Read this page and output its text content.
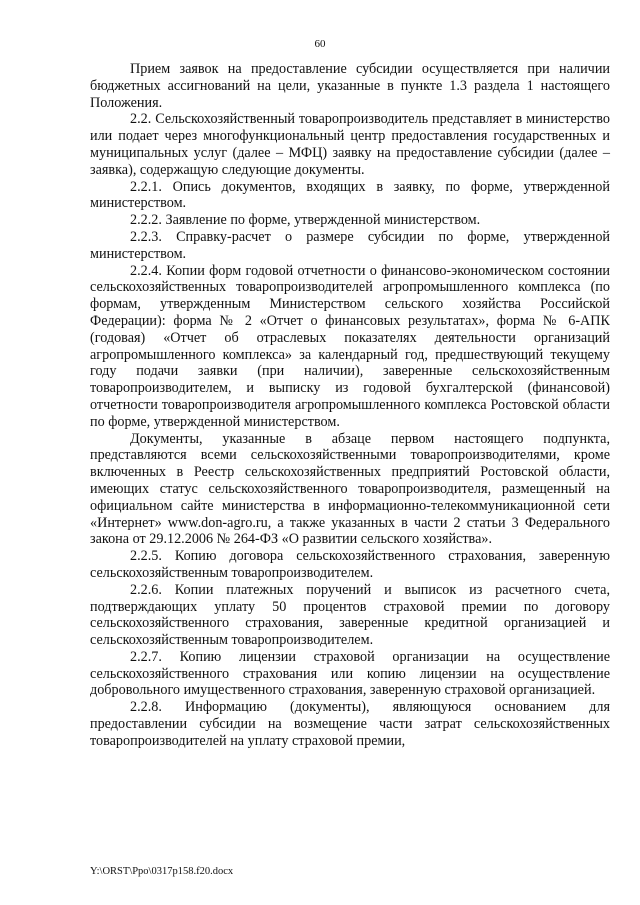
60

Прием заявок на предоставление субсидии осуществляется при наличии бюджетных ассигнований на цели, указанные в пункте 1.3 раздела 1 настоящего Положения.

2.2. Сельскохозяйственный товаропроизводитель представляет в министерство или подает через многофункциональный центр предоставления государственных и муниципальных услуг (далее – МФЦ) заявку на предоставление субсидии (далее – заявка), содержащую следующие документы.

2.2.1. Опись документов, входящих в заявку, по форме, утвержденной министерством.

2.2.2. Заявление по форме, утвержденной министерством.

2.2.3. Справку-расчет о размере субсидии по форме, утвержденной министерством.

2.2.4. Копии форм годовой отчетности о финансово-экономическом состоянии сельскохозяйственных товаропроизводителей агропромышленного комплекса (по формам, утвержденным Министерством сельского хозяйства Российской Федерации): форма № 2 «Отчет о финансовых результатах», форма № 6-АПК (годовая) «Отчет об отраслевых показателях деятельности организаций агропромышленного комплекса» за календарный год, предшествующий текущему году подачи заявки (при наличии), заверенные сельскохозяйственным товаропроизводителем, и выписку из годовой бухгалтерской (финансовой) отчетности товаропроизводителя агропромышленного комплекса Ростовской области по форме, утвержденной министерством.

Документы, указанные в абзаце первом настоящего подпункта, представляются всеми сельскохозяйственными товаропроизводителями, кроме включенных в Реестр сельскохозяйственных предприятий Ростовской области, имеющих статус сельскохозяйственного товаропроизводителя, размещенный на официальном сайте министерства в информационно-телекоммуникационной сети «Интернет» www.don-agro.ru, а также указанных в части 2 статьи 3 Федерального закона от 29.12.2006 № 264-ФЗ «О развитии сельского хозяйства».

2.2.5. Копию договора сельскохозяйственного страхования, заверенную сельскохозяйственным товаропроизводителем.

2.2.6. Копии платежных поручений и выписок из расчетного счета, подтверждающих уплату 50 процентов страховой премии по договору сельскохозяйственного страхования, заверенные кредитной организацией и сельскохозяйственным товаропроизводителем.

2.2.7. Копию лицензии страховой организации на осуществление сельскохозяйственного страхования или копию лицензии на осуществление добровольного имущественного страхования, заверенную страховой организацией.

2.2.8. Информацию (документы), являющуюся основанием для предоставлении субсидии на возмещение части затрат сельскохозяйственных товаропроизводителей на уплату страховой премии,

Y:\ORST\Ppo\0317p158.f20.docx
